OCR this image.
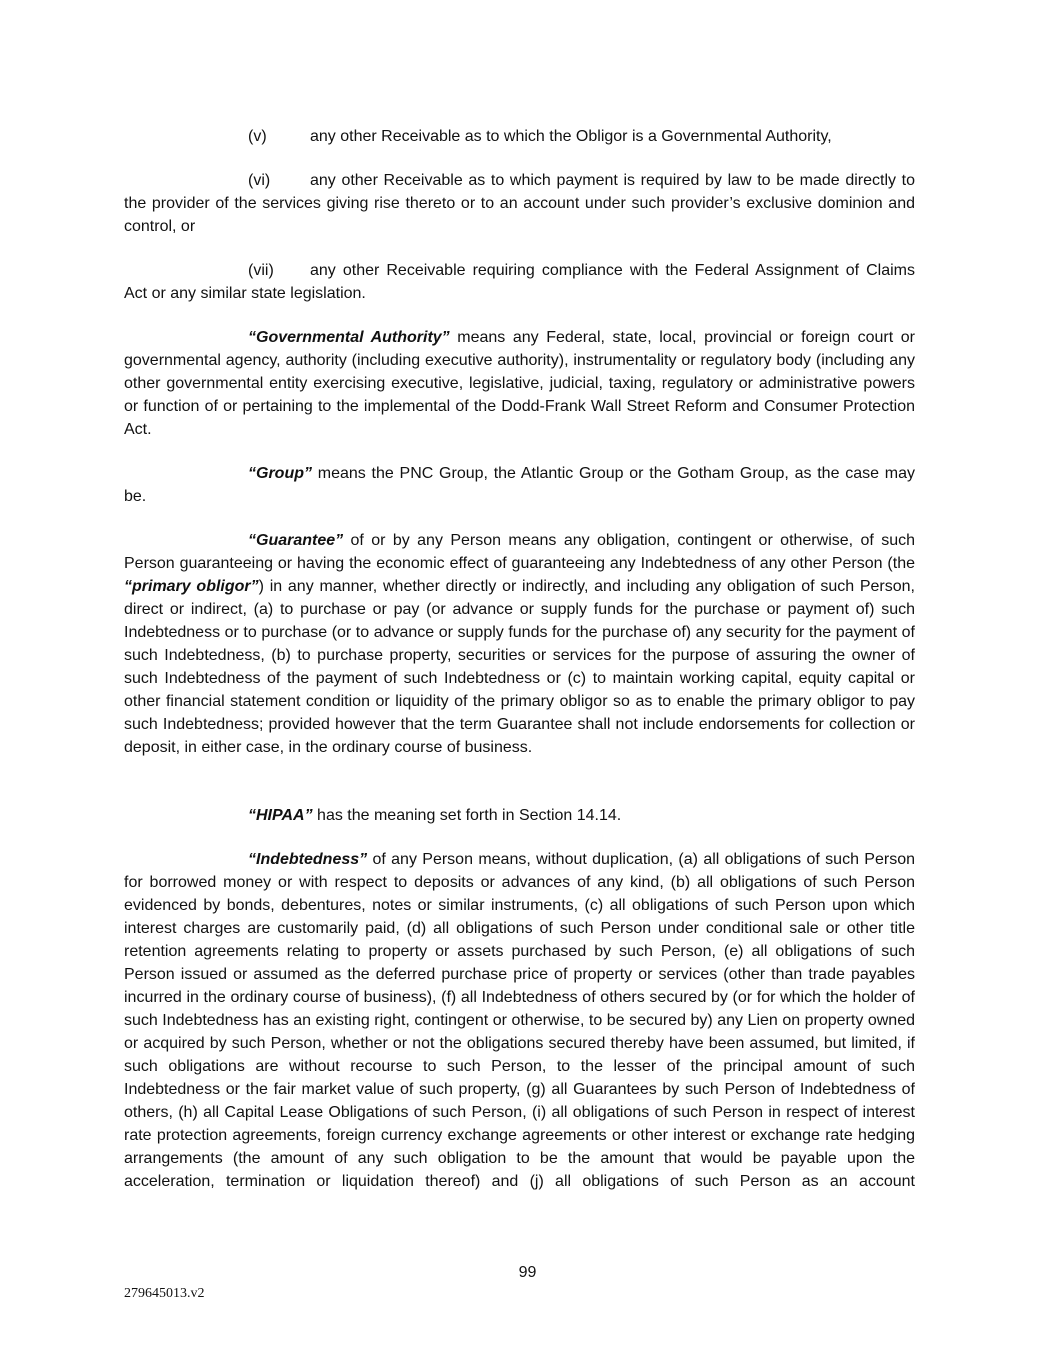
(v)	any other Receivable as to which the Obligor is a Governmental Authority,
(vi) any other Receivable as to which payment is required by law to be made directly to the provider of the services giving rise thereto or to an account under such provider’s exclusive dominion and control, or
(vii) any other Receivable requiring compliance with the Federal Assignment of Claims Act or any similar state legislation.
“Governmental Authority” means any Federal, state, local, provincial or foreign court or governmental agency, authority (including executive authority), instrumentality or regulatory body (including any other governmental entity exercising executive, legislative, judicial, taxing, regulatory or administrative powers or function of or pertaining to the implemental of the Dodd-Frank Wall Street Reform and Consumer Protection Act.
“Group” means the PNC Group, the Atlantic Group or the Gotham Group, as the case may be.
“Guarantee” of or by any Person means any obligation, contingent or otherwise, of such Person guaranteeing or having the economic effect of guaranteeing any Indebtedness of any other Person (the “primary obligor”) in any manner, whether directly or indirectly, and including any obligation of such Person, direct or indirect, (a) to purchase or pay (or advance or supply funds for the purchase or payment of) such Indebtedness or to purchase (or to advance or supply funds for the purchase of) any security for the payment of such Indebtedness, (b) to purchase property, securities or services for the purpose of assuring the owner of such Indebtedness of the payment of such Indebtedness or (c) to maintain working capital, equity capital or other financial statement condition or liquidity of the primary obligor so as to enable the primary obligor to pay such Indebtedness; provided however that the term Guarantee shall not include endorsements for collection or deposit, in either case, in the ordinary course of business.
“HIPAA” has the meaning set forth in Section 14.14.
“Indebtedness” of any Person means, without duplication, (a) all obligations of such Person for borrowed money or with respect to deposits or advances of any kind, (b) all obligations of such Person evidenced by bonds, debentures, notes or similar instruments, (c) all obligations of such Person upon which interest charges are customarily paid, (d) all obligations of such Person under conditional sale or other title retention agreements relating to property or assets purchased by such Person, (e) all obligations of such Person issued or assumed as the deferred purchase price of property or services (other than trade payables incurred in the ordinary course of business), (f) all Indebtedness of others secured by (or for which the holder of such Indebtedness has an existing right, contingent or otherwise, to be secured by) any Lien on property owned or acquired by such Person, whether or not the obligations secured thereby have been assumed, but limited, if such obligations are without recourse to such Person, to the lesser of the principal amount of such Indebtedness or the fair market value of such property, (g) all Guarantees by such Person of Indebtedness of others, (h) all Capital Lease Obligations of such Person, (i) all obligations of such Person in respect of interest rate protection agreements, foreign currency exchange agreements or other interest or exchange rate hedging arrangements (the amount of any such obligation to be the amount that would be payable upon the acceleration, termination or liquidation thereof) and (j) all obligations of such Person as an account
99
279645013.v2
